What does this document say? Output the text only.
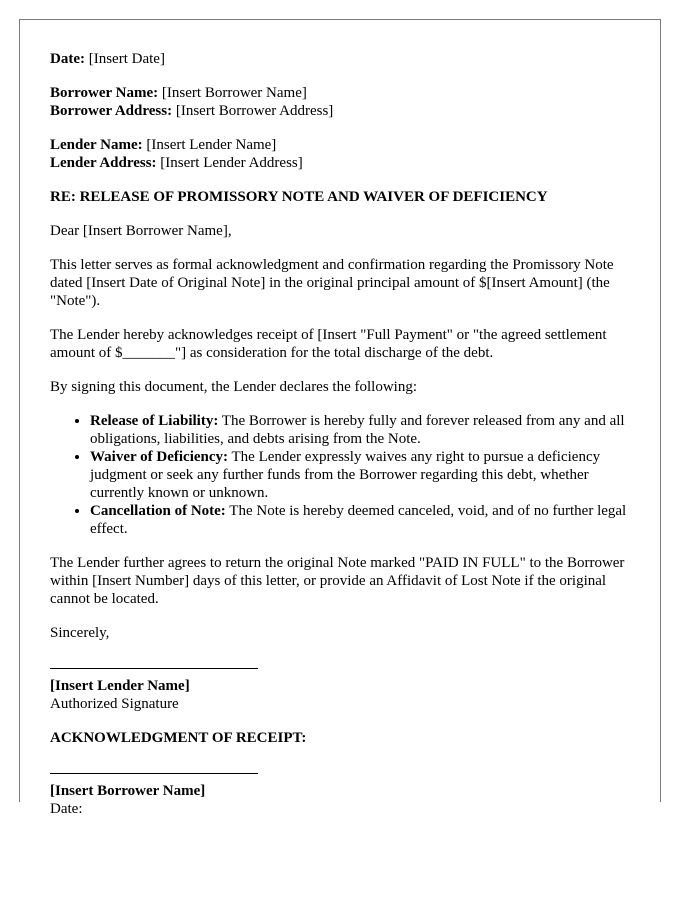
Date: [Insert Date]
Borrower Name: [Insert Borrower Name]
Borrower Address: [Insert Borrower Address]
Lender Name: [Insert Lender Name]
Lender Address: [Insert Lender Address]
RE: RELEASE OF PROMISSORY NOTE AND WAIVER OF DEFICIENCY

Dear [Insert Borrower Name],

This letter serves as formal acknowledgment and confirmation regarding the Promissory Note dated [Insert Date of Original Note] in the original principal amount of $[Insert Amount] (the "Note").

The Lender hereby acknowledges receipt of [Insert "Full Payment" or "the agreed settlement amount of $_______"] as consideration for the total discharge of the debt.

By signing this document, the Lender declares the following:

• Release of Liability: The Borrower is hereby fully and forever released from any and all obligations, liabilities, and debts arising from the Note.
• Waiver of Deficiency: The Lender expressly waives any right to pursue a deficiency judgment or seek any further funds from the Borrower regarding this debt, whether currently known or unknown.
• Cancellation of Note: The Note is hereby deemed canceled, void, and of no further legal effect.

The Lender further agrees to return the original Note marked "PAID IN FULL" to the Borrower within [Insert Number] days of this letter, or provide an Affidavit of Lost Note if the original cannot be located.

Sincerely,

[Insert Lender Name]
Authorized Signature
ACKNOWLEDGMENT OF RECEIPT:
[Insert Borrower Name]
Date:
